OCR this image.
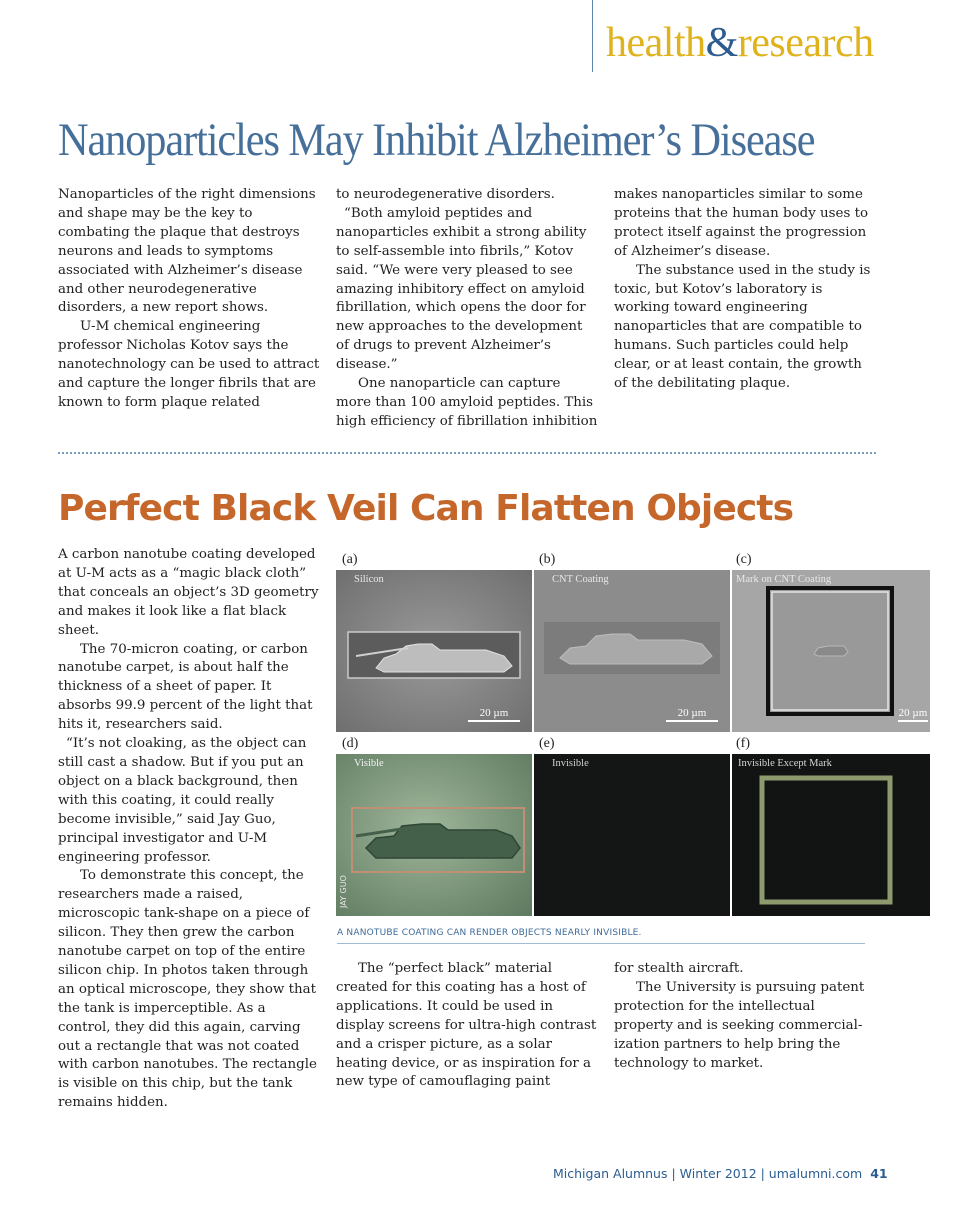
health&research
Nanoparticles May Inhibit Alzheimer’s Disease

Nanoparticles of the right dimensions and shape may be the key to combating the plaque that destroys neurons and leads to symptoms associated with Alzheimer’s disease and other neurodegenerative disorders, a new report shows.

U-M chemical engineering professor Nicholas Kotov says the nanotechnology can be used to attract and capture the longer fibrils that are known to form plaque related

to neurodegenerative disorders.

“Both amyloid peptides and nanoparticles exhibit a strong ability to self-assemble into fibrils,” Kotov said. “We were very pleased to see amazing inhibitory effect on amyloid fibrillation, which opens the door for new approaches to the development of drugs to prevent Alzheimer’s disease.”

One nanoparticle can capture more than 100 amyloid peptides. This high efficiency of fibrillation inhibition

makes nanoparticles similar to some proteins that the human body uses to protect itself against the progression of Alzheimer’s disease.

The substance used in the study is toxic, but Kotov’s laboratory is working toward engineering nanoparticles that are compatible to humans. Such particles could help clear, or at least contain, the growth of the debilitating plaque.

Perfect Black Veil Can Flatten Objects

A carbon nanotube coating developed at U-M acts as a “magic black cloth” that conceals an object’s 3D geometry and makes it look like a flat black sheet.

The 70-micron coating, or carbon nanotube carpet, is about half the thickness of a sheet of paper. It absorbs 99.9 percent of the light that hits it, researchers said.

“It’s not cloaking, as the object can still cast a shadow. But if you put an object on a black background, then with this coating, it could really become invisible,” said Jay Guo, principal investigator and U-M engineering professor.

To demonstrate this concept, the researchers made a raised, microscopic tank-shape on a piece of silicon. They then grew the carbon nanotube carpet on top of the entire silicon chip. In photos taken through an optical microscope, they show that the tank is imperceptible. As a control, they did this again, carving out a rectangle that was not coated with carbon nanotubes. The rectangle is visible on this chip, but the tank remains hidden.

(a)	(b)	(c)
Silicon
20 µm
CNT Coating
20 µm
Mark on CNT Coating
20 µm
(d)	(e)	(f)
Visible
JAY GUO
Invisible	Invisible Except Mark
A NANOTUBE COATING CAN RENDER OBJECTS NEARLY INVISIBLE.

The “perfect black” material created for this coating has a host of applications. It could be used in display screens for ultra-high contrast and a crisper picture, as a solar heating device, or as inspiration for a new type of camouflaging paint

for stealth aircraft.

The University is pursuing patent protection for the intellectual property and is seeking commercial-ization partners to help bring the technology to market.

Michigan Alumnus | Winter 2012 | umalumni.com 41
